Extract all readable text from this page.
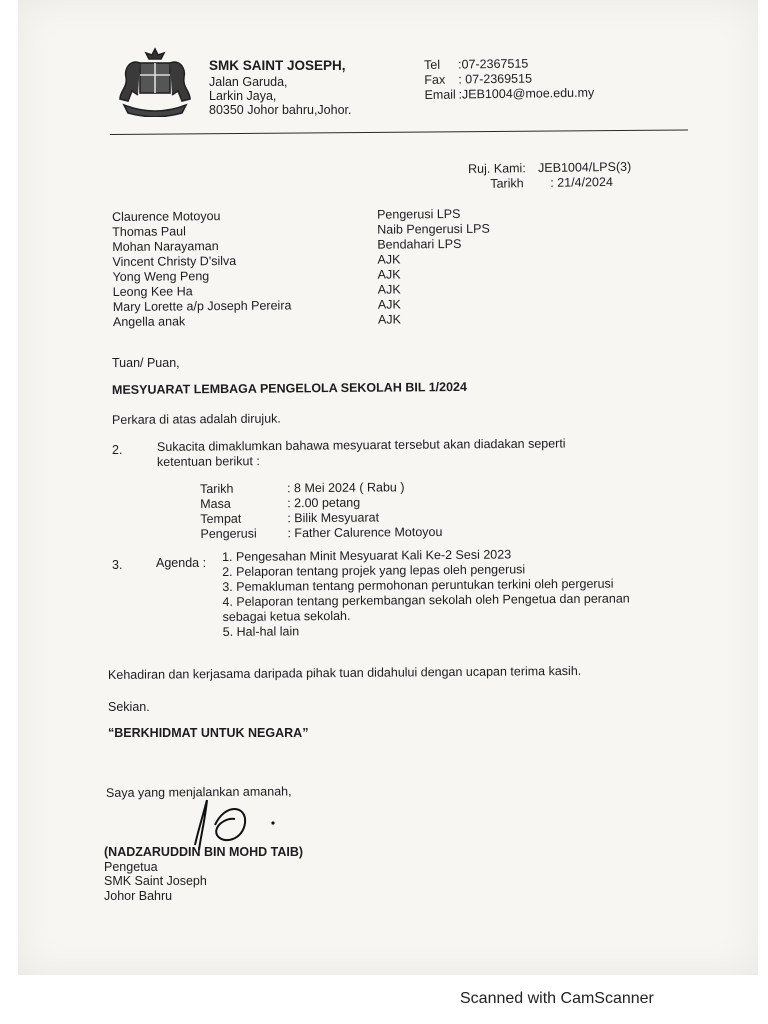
SMK SAINT JOSEPH,
Jalan Garuda,
Larkin Jaya,
80350 Johor bahru,Johor.
Tel :07-2367515
Fax : 07-2369515
Email :JEB1004@moe.edu.my
Ruj. Kami: JEB1004/LPS(3)
Tarikh : 21/4/2024
Claurence Motoyou	Pengerusi LPS
Thomas Paul	Naib Pengerusi LPS
Mohan Narayaman	Bendahari LPS
Vincent Christy D'silva	AJK
Yong Weng Peng	AJK
Leong Kee Ha	AJK
Mary Lorette a/p Joseph Pereira	AJK
Angella anak	AJK
Tuan/ Puan,
MESYUARAT LEMBAGA PENGELOLA SEKOLAH BIL 1/2024
Perkara di atas adalah dirujuk.
2.	Sukacita dimaklumkan bahawa mesyuarat tersebut akan diadakan seperti
ketentuan berikut :
Tarikh	: 8 Mei 2024 ( Rabu )
Masa	: 2.00 petang
Tempat	: Bilik Mesyuarat
Pengerusi : Father Calurence Motoyou
3.	Agenda : 1. Pengesahan Minit Mesyuarat Kali Ke-2 Sesi 2023
2. Pelaporan tentang projek yang lepas oleh pengerusi
3. Pemakluman tentang permohonan peruntukan terkini oleh pergerusi
4. Pelaporan tentang perkembangan sekolah oleh Pengetua dan peranan
sebagai ketua sekolah.
5. Hal-hal lain
Kehadiran dan kerjasama daripada pihak tuan didahului dengan ucapan terima kasih.
Sekian.
“BERKHIDMAT UNTUK NEGARA”
Saya yang menjalankan amanah,
(NADZARUDDIN BIN MOHD TAIB)
Pengetua
SMK Saint Joseph
Johor Bahru
Scanned with CamScanner
